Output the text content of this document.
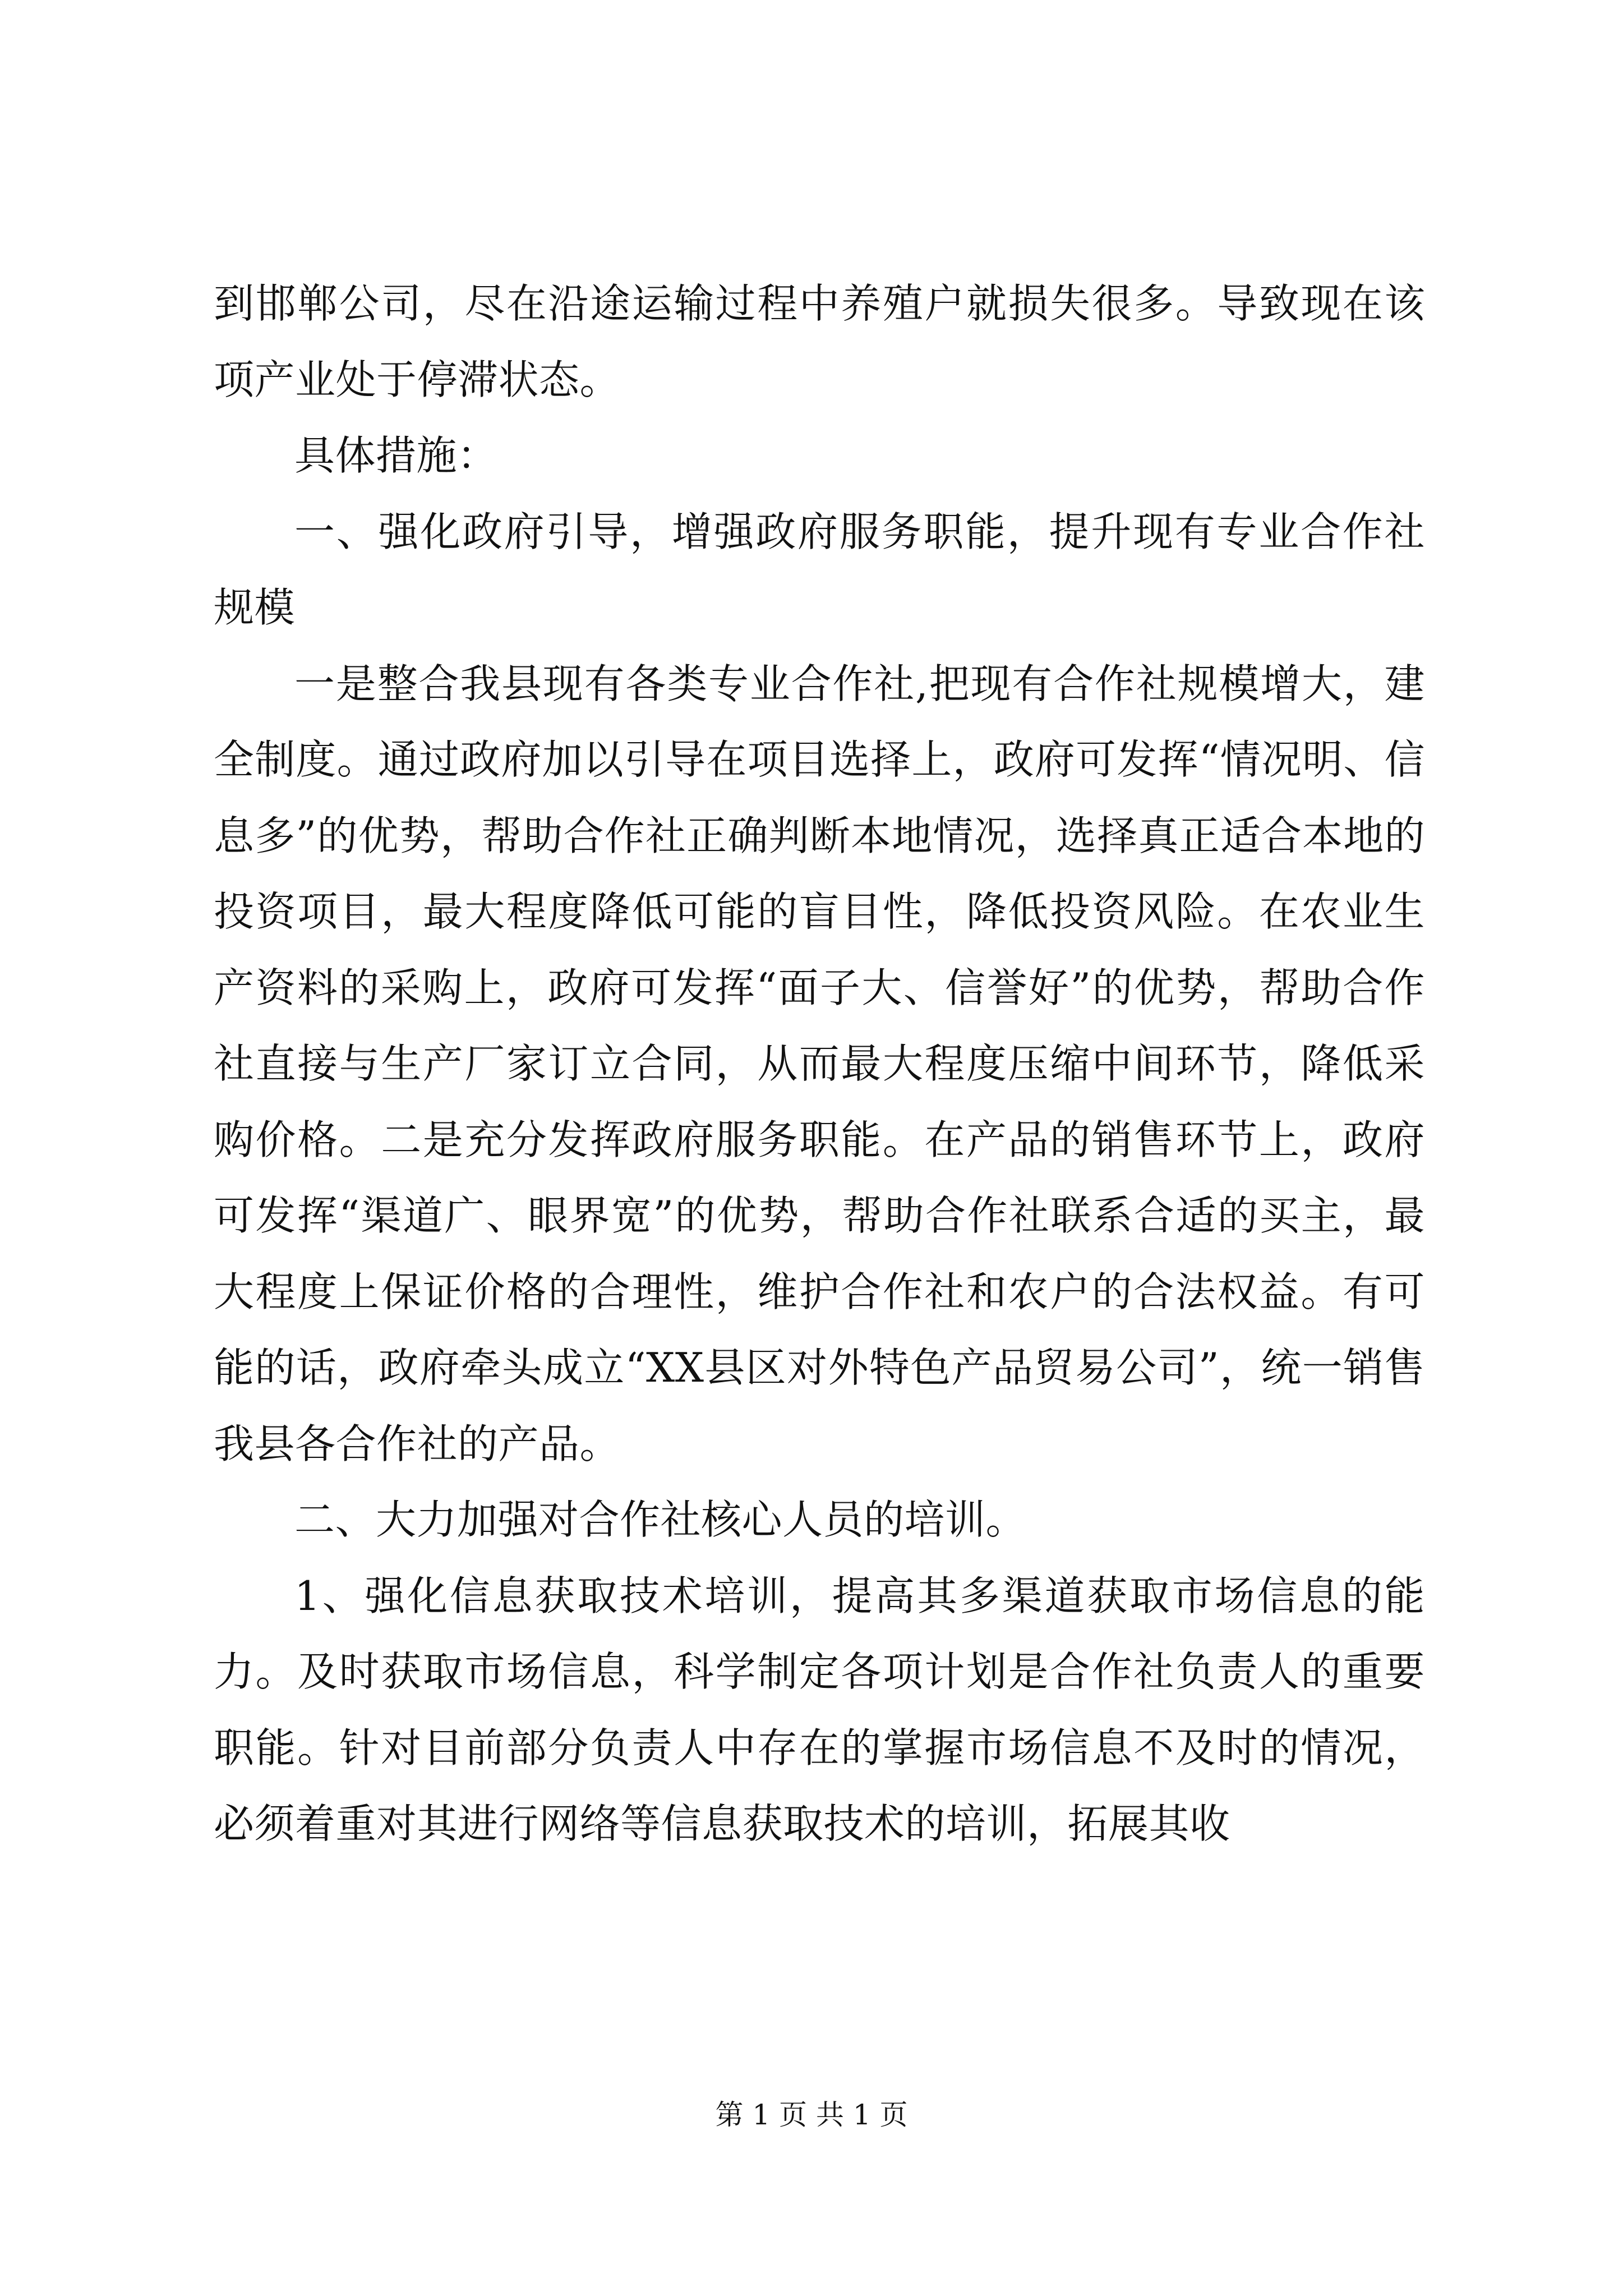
到邯郸公司，尽在沿途运输过程中养殖户就损失很多。导致现在该项产业处于停滞状态。

具体措施：

一、强化政府引导，增强政府服务职能，提升现有专业合作社规模

一是整合我县现有各类专业合作社,把现有合作社规模增大，建全制度。通过政府加以引导在项目选择上，政府可发挥“情况明、信息多”的优势，帮助合作社正确判断本地情况，选择真正适合本地的投资项目，最大程度降低可能的盲目性，降低投资风险。在农业生产资料的采购上，政府可发挥“面子大、信誉好”的优势，帮助合作社直接与生产厂家订立合同，从而最大程度压缩中间环节，降低采购价格。二是充分发挥政府服务职能。在产品的销售环节上，政府可发挥“渠道广、眼界宽”的优势，帮助合作社联系合适的买主，最大程度上保证价格的合理性，维护合作社和农户的合法权益。有可能的话，政府牵头成立“XX县区对外特色产品贸易公司”，统一销售我县各合作社的产品。

二、大力加强对合作社核心人员的培训。

1、强化信息获取技术培训，提高其多渠道获取市场信息的能力。及时获取市场信息，科学制定各项计划是合作社负责人的重要职能。针对目前部分负责人中存在的掌握市场信息不及时的情况，必须着重对其进行网络等信息获取技术的培训，拓展其收

第 1 页 共 1 页
